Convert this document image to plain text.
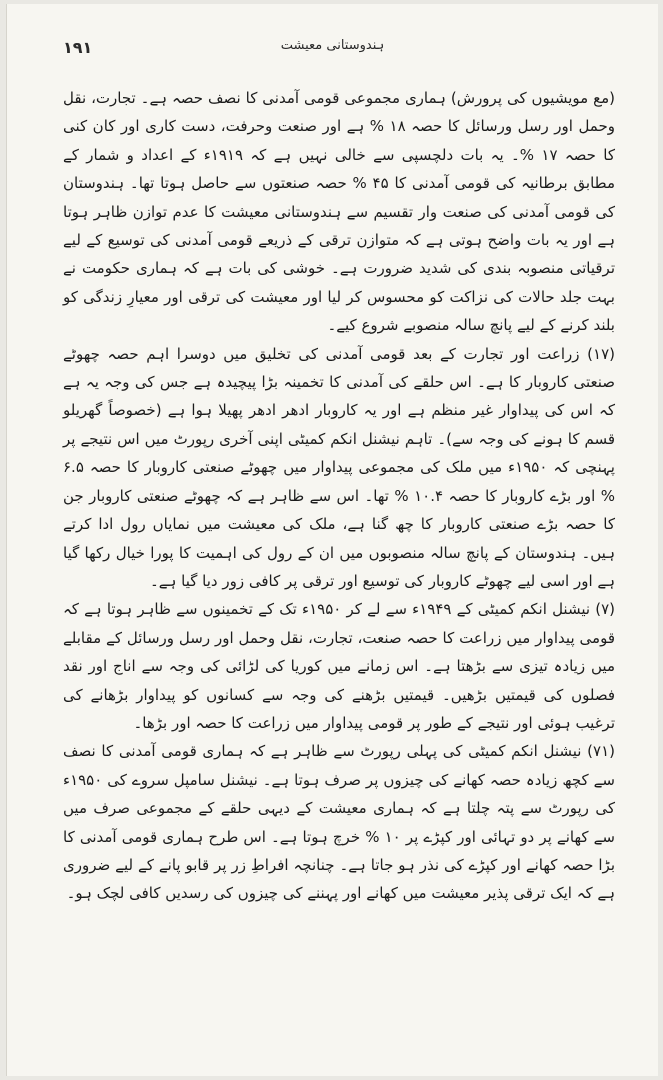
۱۹۱	ہندوستانی معیشت

(مع مویشیوں کی پرورش) ہماری مجموعی قومی آمدنی کا نصف حصہ ہے۔ تجارت، نقل وحمل اور رسل ورسائل کا حصہ ۱۸ % ہے اور صنعت وحرفت، دست کاری اور کان کنی کا حصہ ۱۷ %۔ یہ بات دلچسپی سے خالی نہیں ہے کہ ۱۹۱۹ء کے اعداد و شمار کے مطابق برطانیہ کی قومی آمدنی کا ۴۵ % حصہ صنعتوں سے حاصل ہوتا تھا۔ ہندوستان کی قومی آمدنی کی صنعت وار تقسیم سے ہندوستانی معیشت کا عدم توازن ظاہر ہوتا ہے اور یہ بات واضح ہوتی ہے کہ متوازن ترقی کے ذریعے قومی آمدنی کی توسیع کے لیے ترقیاتی منصوبہ بندی کی شدید ضرورت ہے۔ خوشی کی بات ہے کہ ہماری حکومت نے بہت جلد حالات کی نزاکت کو محسوس کر لیا اور معیشت کی ترقی اور معیارِ زندگی کو بلند کرنے کے لیے پانچ سالہ منصوبے شروع کیے۔

(۱۷) زراعت اور تجارت کے بعد قومی آمدنی کی تخلیق میں دوسرا اہم حصہ چھوٹے صنعتی کاروبار کا ہے۔ اس حلقے کی آمدنی کا تخمینہ بڑا پیچیدہ ہے جس کی وجہ یہ ہے کہ اس کی پیداوار غیر منظم ہے اور یہ کاروبار ادھر ادھر پھیلا ہوا ہے (خصوصاً گھریلو قسم کا ہونے کی وجہ سے)۔ تاہم نیشنل انکم کمیٹی اپنی آخری رپورٹ میں اس نتیجے پر پہنچی کہ ۱۹۵۰ء میں ملک کی مجموعی پیداوار میں چھوٹے صنعتی کاروبار کا حصہ ۶.۵ % اور بڑے کاروبار کا حصہ ۱۰.۴ % تھا۔ اس سے ظاہر ہے کہ چھوٹے صنعتی کاروبار جن کا حصہ بڑے صنعتی کاروبار کا چھ گنا ہے، ملک کی معیشت میں نمایاں رول ادا کرتے ہیں۔ ہندوستان کے پانچ سالہ منصوبوں میں ان کے رول کی اہمیت کا پورا خیال رکھا گیا ہے اور اسی لیے چھوٹے کاروبار کی توسیع اور ترقی پر کافی زور دیا گیا ہے۔

(۷) نیشنل انکم کمیٹی کے ۱۹۴۹ء سے لے کر ۱۹۵۰ء تک کے تخمینوں سے ظاہر ہوتا ہے کہ قومی پیداوار میں زراعت کا حصہ صنعت، تجارت، نقل وحمل اور رسل ورسائل کے مقابلے میں زیادہ تیزی سے بڑھتا ہے۔ اس زمانے میں کوریا کی لڑائی کی وجہ سے اناج اور نقد فصلوں کی قیمتیں بڑھیں۔ قیمتیں بڑھنے کی وجہ سے کسانوں کو پیداوار بڑھانے کی ترغیب ہوئی اور نتیجے کے طور پر قومی پیداوار میں زراعت کا حصہ اور بڑھا۔

(۷۱) نیشنل انکم کمیٹی کی پہلی رپورٹ سے ظاہر ہے کہ ہماری قومی آمدنی کا نصف سے کچھ زیادہ حصہ کھانے کی چیزوں پر صرف ہوتا ہے۔ نیشنل سامپل سروے کی ۱۹۵۰ء کی رپورٹ سے پتہ چلتا ہے کہ ہماری معیشت کے دیہی حلقے کے مجموعی صرف میں سے کھانے پر دو تہائی اور کپڑے پر ۱۰ % خرچ ہوتا ہے۔ اس طرح ہماری قومی آمدنی کا بڑا حصہ کھانے اور کپڑے کی نذر ہو جاتا ہے۔ چنانچہ افراطِ زر پر قابو پانے کے لیے ضروری ہے کہ ایک ترقی پذیر معیشت میں کھانے اور پہننے کی چیزوں کی رسدیں کافی لچک ہو۔
